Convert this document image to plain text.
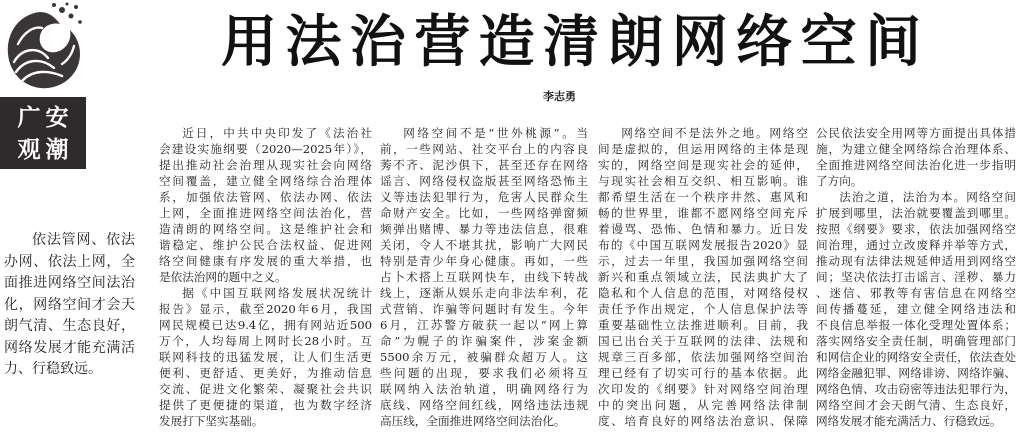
广安
观潮
用法治营造清朗网络空间
李志勇
依法管网、依法
办网、依法上网，全
面推进网络空间法治
化，网络空间才会天
朗气清、生态良好，
网络发展才能充满活
力、行稳致远。
近日，中共中央印发了《法治社
会建设实施纲要（2020—2025年）》，
提出推动社会治理从现实社会向网络
空间覆盖，建立健全网络综合治理体
系，加强依法管网、依法办网、依法
上网，全面推进网络空间法治化，营
造清朗的网络空间。这是维护社会和
谐稳定、维护公民合法权益、促进网
络空间健康有序发展的重大举措，也
是依法治网的题中之义。
据《中国互联网络发展状况统计
报告》显示，截至2020年6月，我国
网民规模已达9.4亿，拥有网站近500
万个，人均每周上网时长28小时。互
联网科技的迅猛发展，让人们生活更
便利、更舒适、更美好，为推动信息
交流、促进文化繁荣、凝聚社会共识
提供了更便捷的渠道，也为数字经济
发展打下坚实基础。
网络空间不是“世外桃源”。当
前，一些网站、社交平台上的内容良
莠不齐、泥沙俱下，甚至还存在网络
谣言、网络侵权盗版甚至网络恐怖主
义等违法犯罪行为，危害人民群众生
命财产安全。比如，一些网络弹窗频
频弹出赌博、暴力等违法信息，很难
关闭，令人不堪其扰，影响广大网民
特别是青少年身心健康。再如，一些
占卜术搭上互联网快车，由线下转战
线上，逐渐从娱乐走向非法牟利，花
式营销、诈骗等问题时有发生。今年
6月，江苏警方破获一起以“网上算
命”为幌子的诈骗案件，涉案金额
5500余万元，被骗群众超万人。这
些问题的出现，要求我们必须将互
联网纳入法治轨道，明确网络行为
底线、网络空间红线，网络违法违规
高压线，全面推进网络空间法治化。
网络空间不是法外之地。网络空
间是虚拟的，但运用网络的主体是现
实的，网络空间是现实社会的延伸，
与现实社会相互交织、相互影响。谁
都希望生活在一个秩序井然、惠风和
畅的世界里，谁都不愿网络空间充斥
着谩骂、恐怖、色情和暴力。近日发
布的《中国互联网发展报告2020》显
示，过去一年里，我国加强网络空间
新兴和重点领域立法，民法典扩大了
隐私和个人信息的范围，对网络侵权
责任予作出规定，个人信息保护法等
重要基础性立法推进顺利。目前，我
国已出台关于互联网的法律、法规和
规章三百多部，依法加强网络空间治
理已经有了切实可行的基本依据。此
次印发的《纲要》针对网络空间治理
中的突出问题，从完善网络法律制
度、培育良好的网络法治意识、保障
公民依法安全用网等方面提出具体措
施，为建立健全网络综合治理体系、
全面推进网络空间法治化进一步指明
了方向。
法治之道，法治为本。网络空间
扩展到哪里，法治就要覆盖到哪里。
按照《纲要》要求，依法加强网络空
间治理，通过立改废释并举等方式，
推动现有法律法规延伸适用到网络空
间；坚决依法打击谣言、淫秽、暴力
、迷信、邪教等有害信息在网络空
间传播蔓延，建立健全网络违法和
不良信息举报一体化受理处置体系；
落实网络安全责任制，明确管理部门
和网信企业的网络安全责任，依法查处
网络金融犯罪、网络诽谤、网络诈骗、
网络色情、攻击窃密等违法犯罪行为，
网络空间才会天朗气清、生态良好，
网络发展才能充满活力、行稳致远。
